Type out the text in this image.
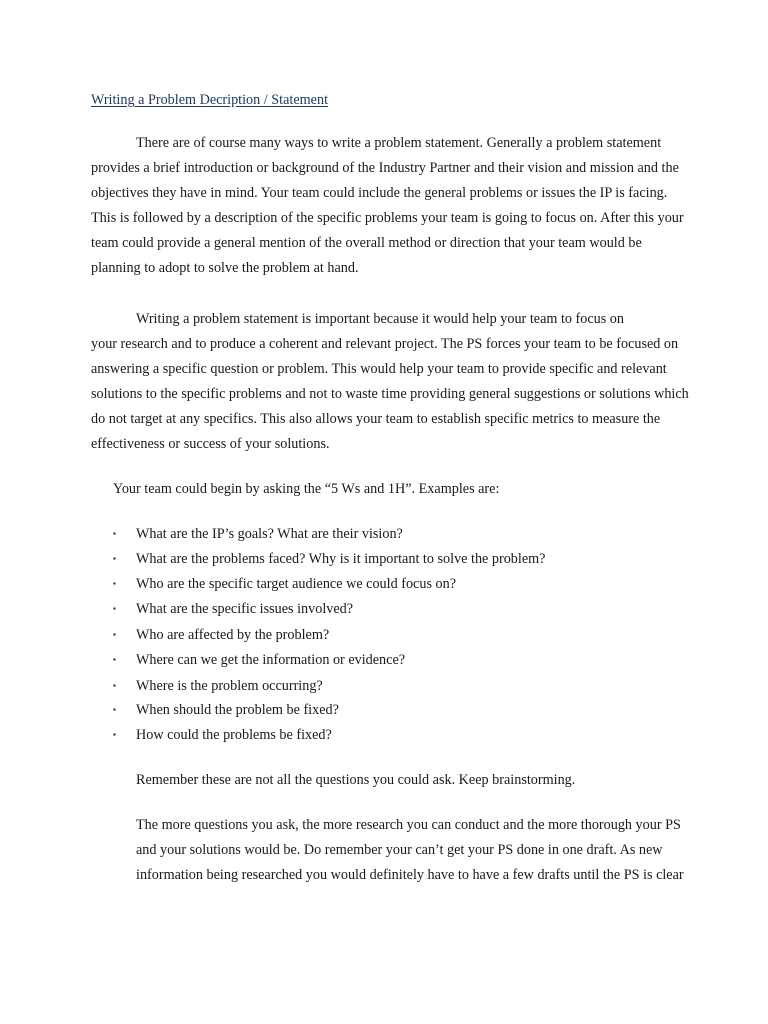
Writing a Problem Decription / Statement
There are of course many ways to write a problem statement. Generally a problem statement
provides a brief introduction or background of the Industry Partner and their vision and mission and the
objectives they have in mind. Your team could include the general problems or issues the IP is facing.
This is followed by a description of the specific problems your team is going to focus on. After this your
team could provide a general mention of the overall method or direction that your team would be
planning to adopt to solve the problem at hand.
Writing a problem statement is important because it would help your team to focus on
your research and to produce a coherent and relevant project. The PS forces your team to be focused on
answering a specific question or problem. This would help your team to provide specific and relevant
solutions to the specific problems and not to waste time providing general suggestions or solutions which
do not target at any specifics. This also allows your team to establish specific metrics to measure the
effectiveness or success of your solutions.
Your team could begin by asking the “5 Ws and 1H”. Examples are:
▪ What are the IP’s goals? What are their vision?
▪ What are the problems faced? Why is it important to solve the problem?
▪ Who are the specific target audience we could focus on?
▪ What are the specific issues involved?
▪ Who are affected by the problem?
▪ Where can we get the information or evidence?
▪ Where is the problem occurring?
▪ When should the problem be fixed?
▪ How could the problems be fixed?
Remember these are not all the questions you could ask. Keep brainstorming.
The more questions you ask, the more research you can conduct and the more thorough your PS
and your solutions would be. Do remember your can’t get your PS done in one draft. As new
information being researched you would definitely have to have a few drafts until the PS is clear
